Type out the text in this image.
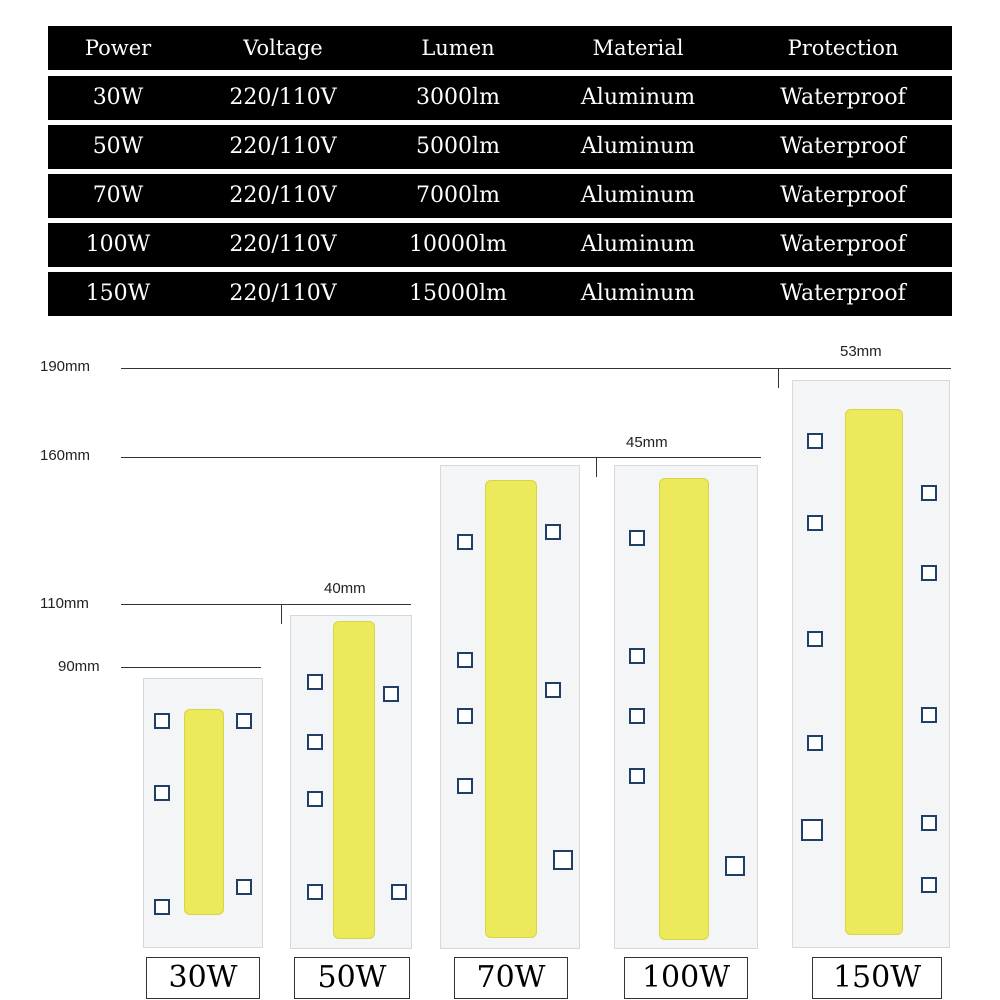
Power	Voltage	Lumen	Material	Protection
30W	220/110V	3000lm	Aluminum	Waterproof
50W	220/110V	5000lm	Aluminum	Waterproof
70W	220/110V	7000lm	Aluminum	Waterproof
100W	220/110V	10000lm	Aluminum	Waterproof
150W	220/110V	15000lm	Aluminum	Waterproof
190mm
160mm
110mm
90mm
40mm
45mm
53mm
30W	50W	70W	100W	150W
